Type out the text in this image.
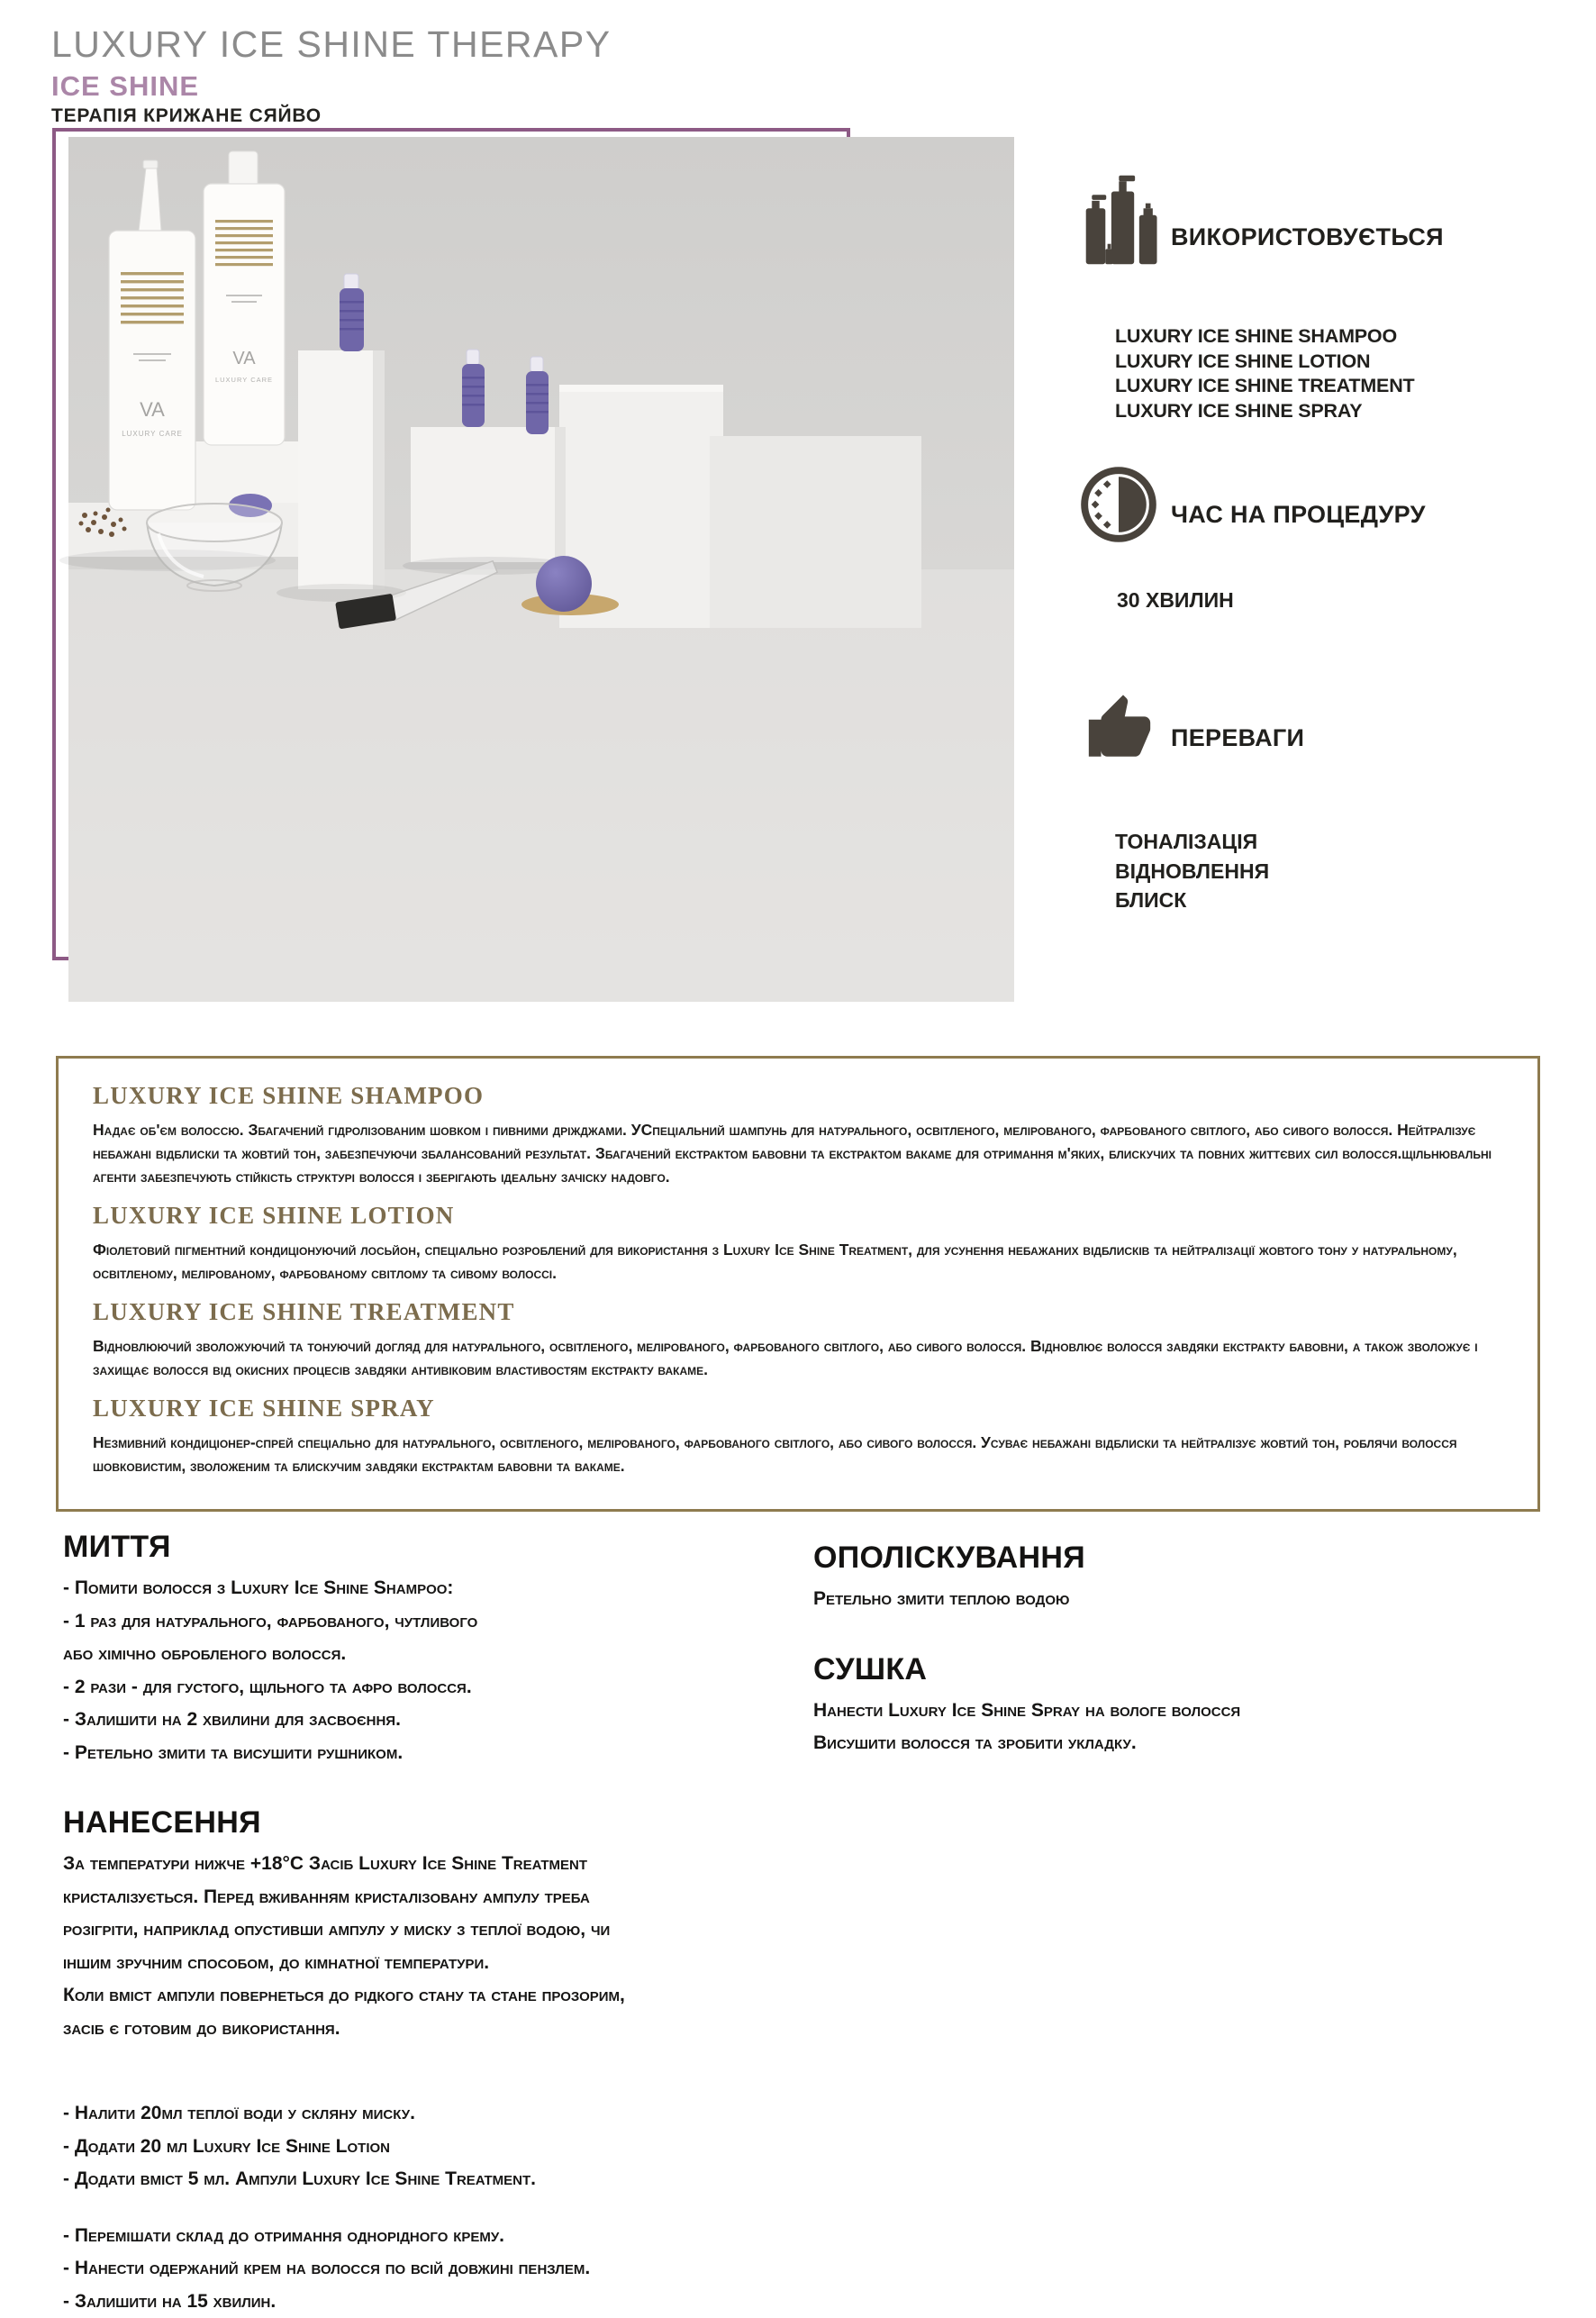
LUXURY ICE SHINE THERAPY
ICE SHINE
ТЕРАПІЯ КРИЖАНЕ СЯЙВО
VA
LUXURY CARE
VA
LUXURY CARE
ВИКОРИСТОВУЄТЬСЯ
LUXURY ICE SHINE SHAMPOO
LUXURY ICE SHINE LOTION
LUXURY ICE SHINE TREATMENT
LUXURY ICE SHINE SPRAY
ЧАС НА ПРОЦЕДУРУ
30 ХВИЛИН
ПЕРЕВАГИ
ТОНАЛІЗАЦІЯ
ВІДНОВЛЕННЯ
БЛИСК
LUXURY ICE SHINE SHAMPOO

Надає об'єм волоссю. Збагачений гідролізованим шовком і пивними дріжджами. УСпеціальний шампунь для натурального, освітленого, мелірованого, фарбованого світлого, або сивого волосся. Нейтралізує небажані відблиски та жовтий тон, забезпечуючи збалансований результат. Збагачений екстрактом бавовни та екстрактом вакаме для отримання м'яких, блискучих та повних життєвих сил волосся.щільнювальні агенти забезпечують стійкість структурі волосся і зберігають ідеальну зачіску надовго.

LUXURY ICE SHINE LOTION

Фіолетовий пігментний кондиціонуючий лосьйон, спеціально розроблений для використання з Luxury Ice Shine Treatment, для усунення небажаних відблисків та нейтралізації жовтого тону у натуральному, освітленому, мелірованому, фарбованому світлому та сивому волоссі.

LUXURY ICE SHINE TREATMENT

Відновлюючий зволожуючий та тонуючий догляд для натурального, освітленого, мелірованого, фарбованого світлого, або сивого волосся. Відновлює волосся завдяки екстракту бавовни, а також зволожує і захищає волосся від окисних процесів завдяки антивіковим властивостям екстракту вакаме.

LUXURY ICE SHINE SPRAY

Незмивний кондиціонер-спрей спеціально для натурального, освітленого, мелірованого, фарбованого світлого, або сивого волосся. Усуває небажані відблиски та нейтралізує жовтий тон, роблячи волосся шовковистим, зволоженим та блискучим завдяки екстрактам бавовни та вакаме.

МИТТЯ
- Помити волосся з Luxury Ice Shine Shampoo:
- 1 раз для натурального, фарбованого, чутливого
або хімічно обробленого волосся.
- 2 рази - для густого, щільного та афро волосся.
- Залишити на 2 хвилини для засвоєння.
- Ретельно змити та висушити рушником.
НАНЕСЕННЯ
За температури нижче +18°С Засіб Luxury Ice Shine Treatment кристалізується. Перед вживанням кристалізовану ампулу треба розігріти, наприклад опустивши ампулу у миску з теплої водою, чи іншим зручним способом, до кімнатної температури.
Коли вміст ампули повернеться до рідкого стану та стане прозорим, засіб є готовим до використання.
- Налити 20мл теплої води у скляну миску.
- Додати 20 мл Luxury Ice Shine Lotion
- Додати вміст 5 мл. Ампули Luxury Ice Shine Treatment.
- Перемішати склад до отримання однорідного крему.
- Нанести одержаний крем на волосся по всій довжині пензлем.
- Залишити на 15 хвилин.
ОПОЛІСКУВАННЯ
Ретельно змити теплою водою
СУШКА
Нанести Luxury Ice Shine Spray на вологе волосся
Висушити волосся та зробити укладку.
